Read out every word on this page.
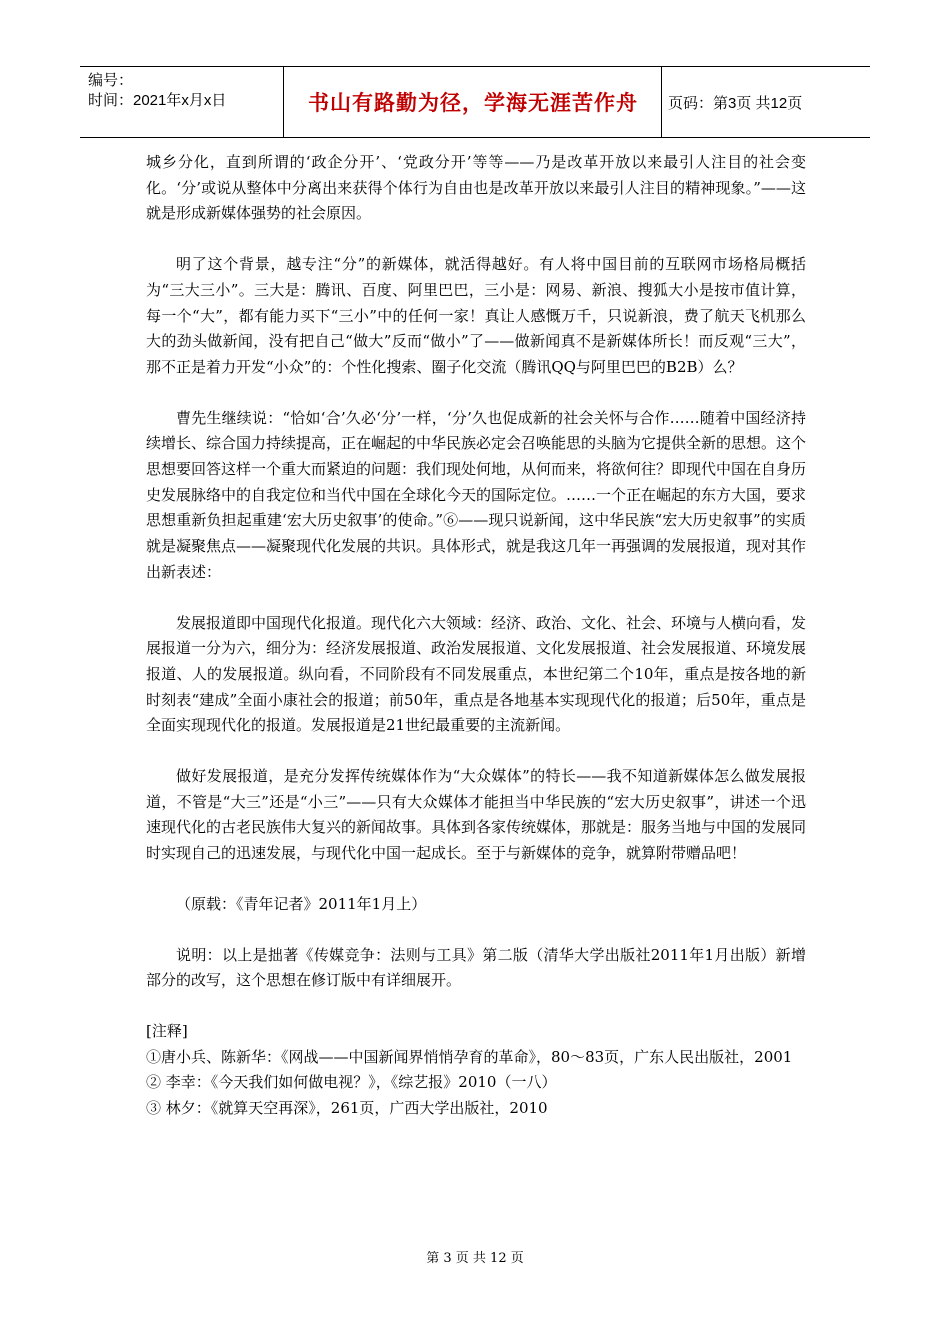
编号：
时间：2021年x月x日	书山有路勤为径，学海无涯苦作舟	页码：第3页 共12页

城乡分化，直到所谓的‘政企分开’、‘党政分开’等等——乃是改革开放以来最引人注目的社会变化。‘分’或说从整体中分离出来获得个体行为自由也是改革开放以来最引人注目的精神现象。”——这就是形成新媒体强势的社会原因。

明了这个背景，越专注“分”的新媒体，就活得越好。有人将中国目前的互联网市场格局概括为“三大三小”。三大是：腾讯、百度、阿里巴巴，三小是：网易、新浪、搜狐大小是按市值计算，每一个“大”，都有能力买下“三小”中的任何一家！真让人感慨万千，只说新浪，费了航天飞机那么大的劲头做新闻，没有把自己“做大”反而“做小”了——做新闻真不是新媒体所长！而反观“三大”，那不正是着力开发“小众”的：个性化搜索、圈子化交流（腾讯QQ与阿里巴巴的B2B）么？

曹先生继续说：“恰如‘合’久必‘分’一样，‘分’久也促成新的社会关怀与合作……随着中国经济持续增长、综合国力持续提高，正在崛起的中华民族必定会召唤能思的头脑为它提供全新的思想。这个思想要回答这样一个重大而紧迫的问题：我们现处何地，从何而来，将欲何往？即现代中国在自身历史发展脉络中的自我定位和当代中国在全球化今天的国际定位。……一个正在崛起的东方大国，要求思想重新负担起重建‘宏大历史叙事’的使命。”⑥——现只说新闻，这中华民族“宏大历史叙事”的实质就是凝聚焦点——凝聚现代化发展的共识。具体形式，就是我这几年一再强调的发展报道，现对其作出新表述：

发展报道即中国现代化报道。现代化六大领域：经济、政治、文化、社会、环境与人横向看，发展报道一分为六，细分为：经济发展报道、政治发展报道、文化发展报道、社会发展报道、环境发展报道、人的发展报道。纵向看，不同阶段有不同发展重点，本世纪第二个10年，重点是按各地的新时刻表“建成”全面小康社会的报道；前50年，重点是各地基本实现现代化的报道；后50年，重点是全面实现现代化的报道。发展报道是21世纪最重要的主流新闻。

做好发展报道，是充分发挥传统媒体作为“大众媒体”的特长——我不知道新媒体怎么做发展报道，不管是“大三”还是“小三”——只有大众媒体才能担当中华民族的“宏大历史叙事”，讲述一个迅速现代化的古老民族伟大复兴的新闻故事。具体到各家传统媒体，那就是：服务当地与中国的发展同时实现自己的迅速发展，与现代化中国一起成长。至于与新媒体的竞争，就算附带赠品吧！

（原载：《青年记者》2011年1月上）

说明：以上是拙著《传媒竞争：法则与工具》第二版（清华大学出版社2011年1月出版）新增部分的改写，这个思想在修订版中有详细展开。

[注释]

①唐小兵、陈新华：《网战——中国新闻界悄悄孕育的革命》，80～83页，广东人民出版社，2001

② 李幸：《今天我们如何做电视？》，《综艺报》2010（一八）

③ 林夕：《就算天空再深》，261页，广西大学出版社，2010

第 3 页 共 12 页
